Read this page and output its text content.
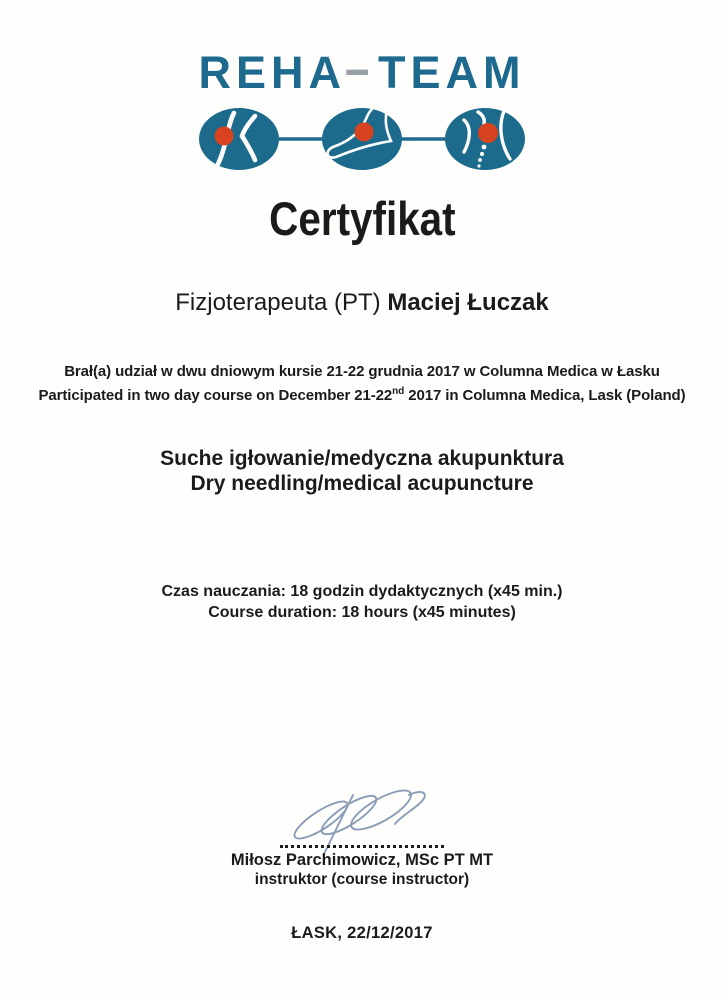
REHA-TEAM
Certyfikat
Fizjoterapeuta (PT) Maciej Łuczak
Brał(a) udział w dwu dniowym kursie 21-22 grudnia 2017 w Columna Medica w Łasku
Participated in two day course on December 21-22nd 2017 in Columna Medica, Lask (Poland)
Suche igłowanie/medyczna akupunktura
Dry needling/medical acupuncture
Czas nauczania: 18 godzin dydaktycznych (x45 min.)
Course duration: 18 hours (x45 minutes)
Miłosz Parchimowicz, MSc PT MT
instruktor (course instructor)
ŁASK, 22/12/2017
